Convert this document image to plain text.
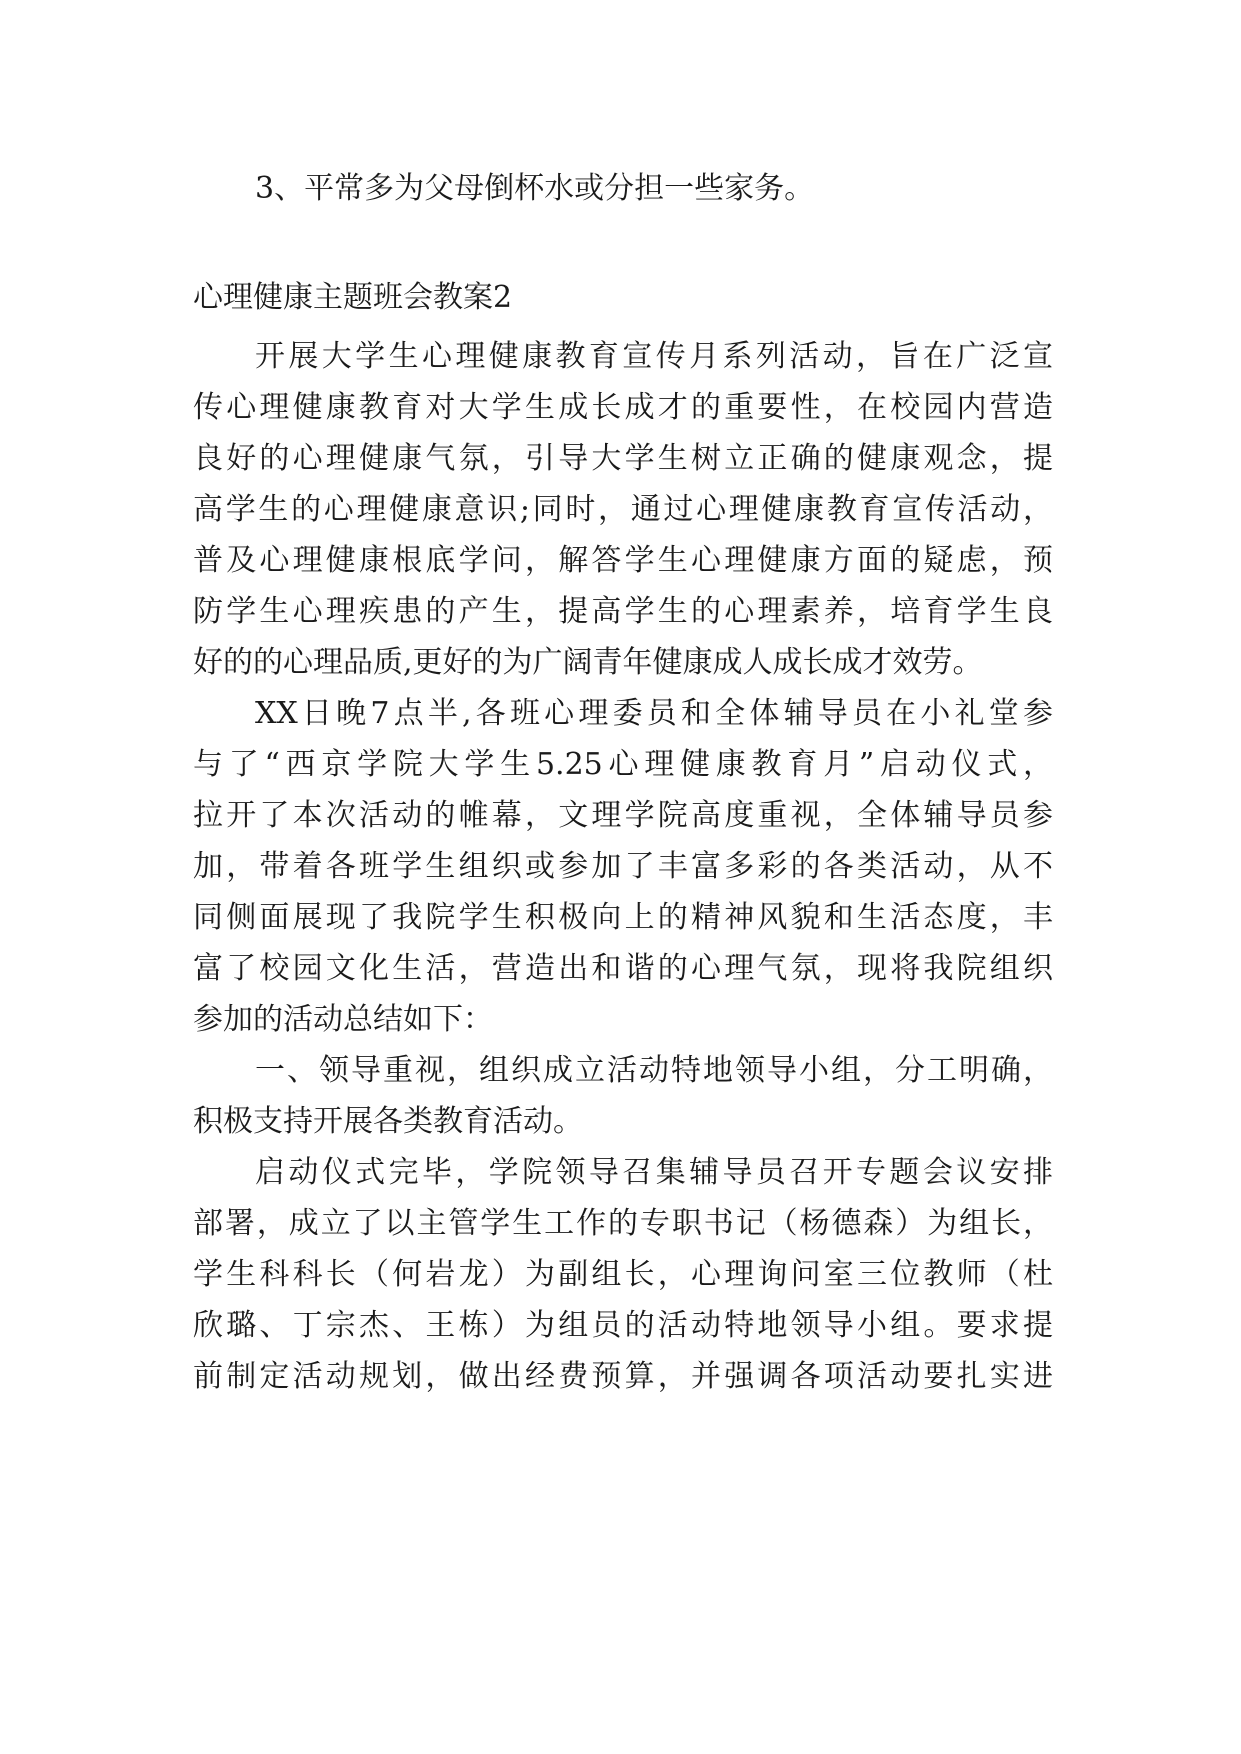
3、平常多为父母倒杯水或分担一些家务。
心理健康主题班会教案2
开展大学生心理健康教育宣传月系列活动，旨在广泛宣
传心理健康教育对大学生成长成才的重要性，在校园内营造
良好的心理健康气氛，引导大学生树立正确的健康观念，提
高学生的心理健康意识;同时，通过心理健康教育宣传活动，
普及心理健康根底学问，解答学生心理健康方面的疑虑，预
防学生心理疾患的产生，提高学生的心理素养，培育学生良
好的的心理品质,更好的为广阔青年健康成人成长成才效劳。
XX日晚7点半,各班心理委员和全体辅导员在小礼堂参
与了“西京学院大学生5.25心理健康教育月”启动仪式，
拉开了本次活动的帷幕，文理学院高度重视，全体辅导员参
加，带着各班学生组织或参加了丰富多彩的各类活动，从不
同侧面展现了我院学生积极向上的精神风貌和生活态度，丰
富了校园文化生活，营造出和谐的心理气氛，现将我院组织
参加的活动总结如下：
一、领导重视，组织成立活动特地领导小组，分工明确，
积极支持开展各类教育活动。
启动仪式完毕，学院领导召集辅导员召开专题会议安排
部署，成立了以主管学生工作的专职书记（杨德森）为组长，
学生科科长（何岩龙）为副组长，心理询问室三位教师（杜
欣璐、丁宗杰、王栋）为组员的活动特地领导小组。要求提
前制定活动规划，做出经费预算，并强调各项活动要扎实进
